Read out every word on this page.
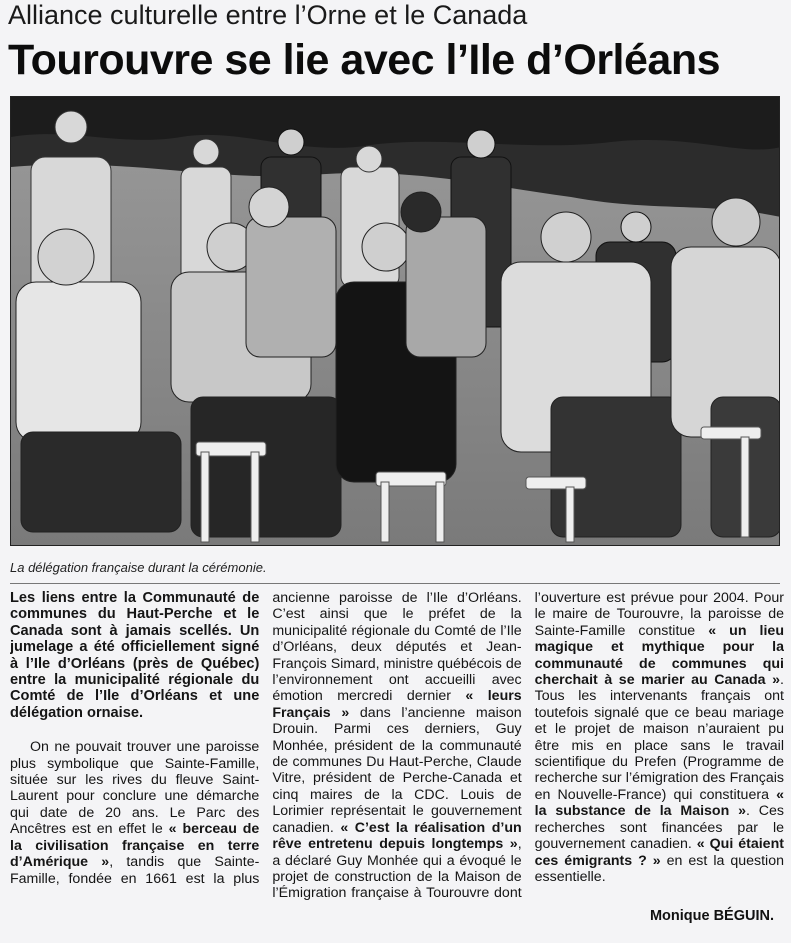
Alliance culturelle entre l’Orne et le Canada
Tourouvre se lie avec l’Ile d’Orléans
La délégation française durant la cérémonie.

Les liens entre la Communauté de communes du Haut-Perche et le Canada sont à jamais scellés. Un jumelage a été officiellement signé à l’Ile d’Orléans (près de Québec) entre la municipalité régionale du Comté de l’Ile d’Orléans et une délégation ornaise.

On ne pouvait trouver une paroisse plus symbolique que Sainte-Famille, située sur les rives du fleuve Saint-Laurent pour conclure une démarche qui date de 20 ans. Le Parc des Ancêtres est en effet le « berceau de la civilisation française en terre d’Amérique », tandis que Sainte-Famille, fondée en 1661 est la plus ancienne paroisse de l’Ile d’Orléans. C’est ainsi que le préfet de la municipalité régionale du Comté de l’Ile d’Orléans, deux députés et Jean-François Simard, ministre québécois de l’environnement ont accueilli avec émotion mercredi dernier « leurs Français » dans l’ancienne maison Drouin. Parmi ces derniers, Guy Monhée, président de la communauté de communes Du Haut-Perche, Claude Vitre, président de Perche-Canada et cinq maires de la CDC. Louis de Lorimier représentait le gouvernement canadien. « C’est la réalisation d’un rêve entretenu depuis longtemps », a déclaré Guy Monhée qui a évoqué le projet de construction de la Maison de l’Émigration française à Tourouvre dont l’ouverture est prévue pour 2004. Pour le maire de Tourouvre, la paroisse de Sainte-Famille constitue « un lieu magique et mythique pour la communauté de communes qui cherchait à se marier au Canada ». Tous les intervenants français ont toutefois signalé que ce beau mariage et le projet de maison n’auraient pu être mis en place sans le travail scientifique du Prefen (Programme de recherche sur l’émigration des Français en Nouvelle-France) qui constituera « la substance de la Maison ». Ces recherches sont financées par le gouvernement canadien. « Qui étaient ces émigrants ? » en est la question essentielle.

Monique BÉGUIN.
